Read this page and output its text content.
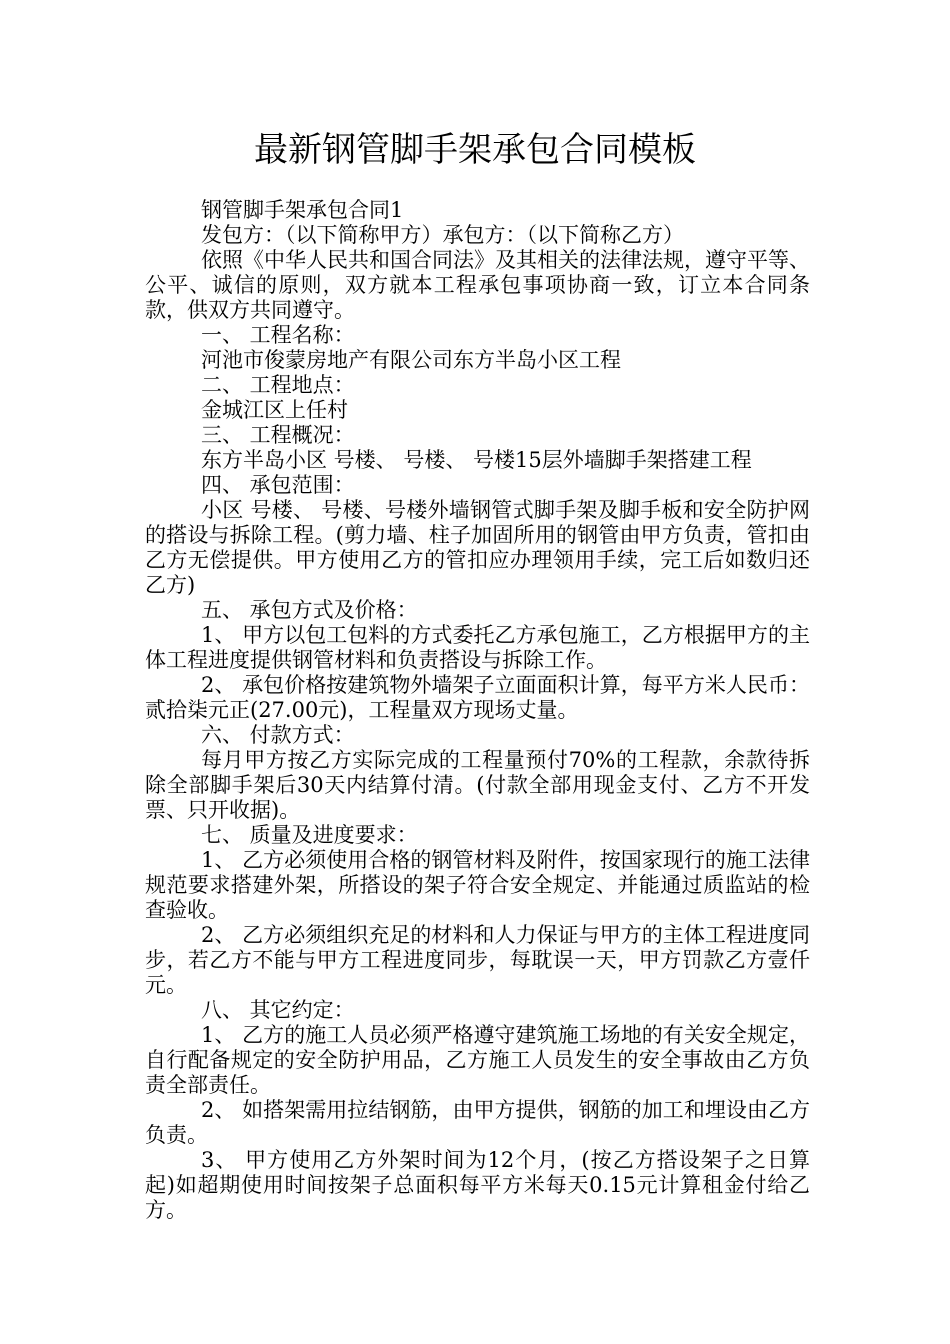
最新钢管脚手架承包合同模板

钢管脚手架承包合同1

发包方：（以下简称甲方）承包方：（以下简称乙方）

依照《中华人民共和国合同法》及其相关的法律法规，遵守平等、公平、诚信的原则，双方就本工程承包事项协商一致，订立本合同条款，供双方共同遵守。

一、 工程名称：

河池市俊蒙房地产有限公司东方半岛小区工程

二、 工程地点：

金城江区上任村

三、 工程概况：

东方半岛小区 号楼、 号楼、 号楼15层外墙脚手架搭建工程

四、 承包范围：

小区 号楼、 号楼、号楼外墙钢管式脚手架及脚手板和安全防护网的搭设与拆除工程。(剪力墙、柱子加固所用的钢管由甲方负责，管扣由乙方无偿提供。甲方使用乙方的管扣应办理领用手续，完工后如数归还乙方)

五、 承包方式及价格：

1、 甲方以包工包料的方式委托乙方承包施工，乙方根据甲方的主体工程进度提供钢管材料和负责搭设与拆除工作。

2、 承包价格按建筑物外墙架子立面面积计算，每平方米人民币：贰拾柒元正(27.00元)，工程量双方现场丈量。

六、 付款方式：

每月甲方按乙方实际完成的工程量预付70%的工程款，余款待拆除全部脚手架后30天内结算付清。(付款全部用现金支付、乙方不开发票、只开收据)。

七、 质量及进度要求：

1、 乙方必须使用合格的钢管材料及附件，按国家现行的施工法律规范要求搭建外架，所搭设的架子符合安全规定、并能通过质监站的检查验收。

2、 乙方必须组织充足的材料和人力保证与甲方的主体工程进度同步，若乙方不能与甲方工程进度同步，每耽误一天，甲方罚款乙方壹仟元。

八、 其它约定：

1、 乙方的施工人员必须严格遵守建筑施工场地的有关安全规定，自行配备规定的安全防护用品，乙方施工人员发生的安全事故由乙方负责全部责任。

2、 如搭架需用拉结钢筋，由甲方提供，钢筋的加工和埋设由乙方负责。

3、 甲方使用乙方外架时间为12个月，(按乙方搭设架子之日算起)如超期使用时间按架子总面积每平方米每天0.15元计算租金付给乙方。
